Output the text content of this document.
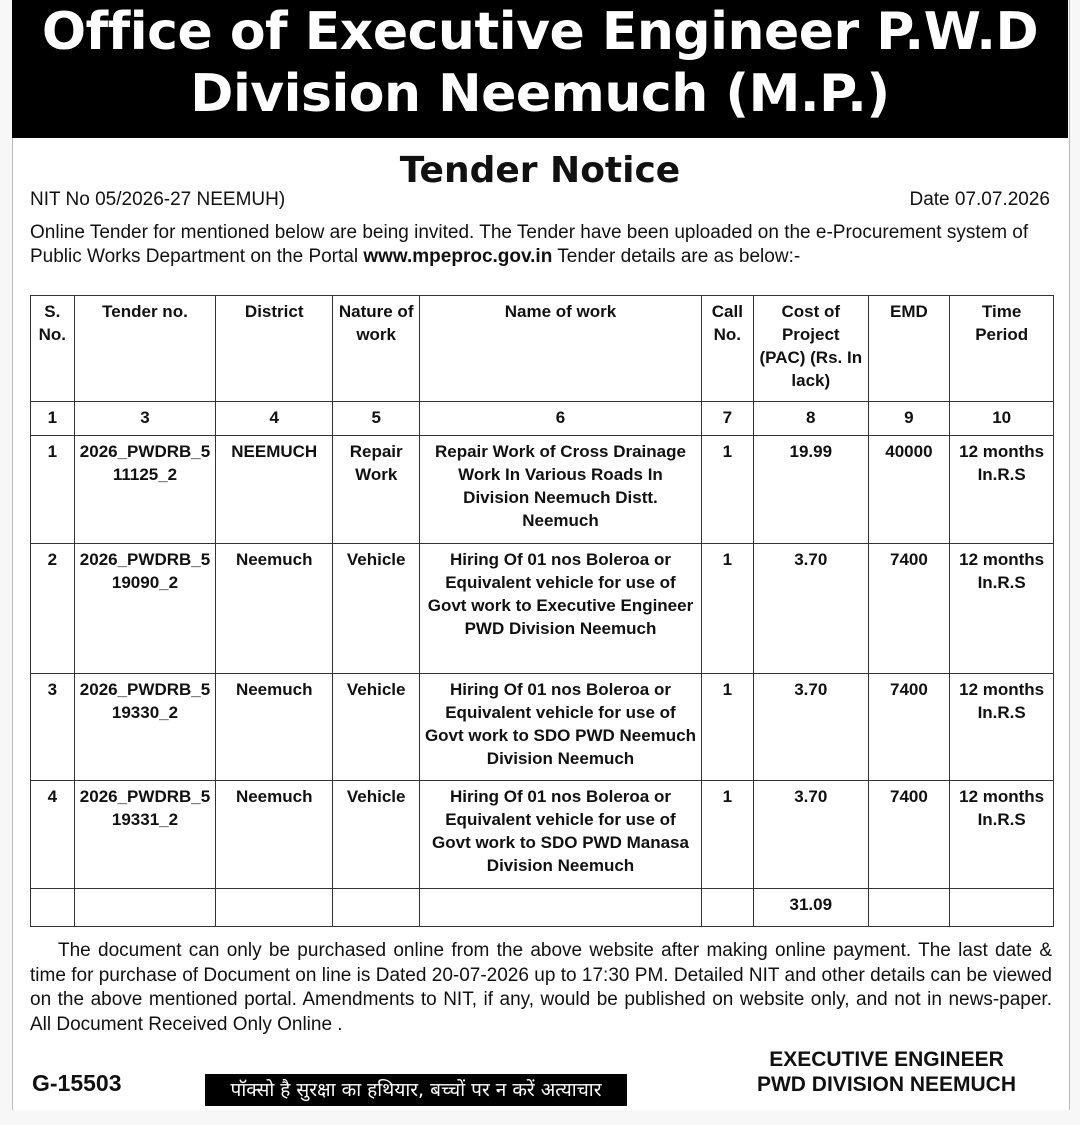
Office of Executive Engineer P.W.D
Division Neemuch (M.P.)
Tender Notice
NIT No 05/2026-27 NEEMUH)	Date 07.07.2026
Online Tender for mentioned below are being invited. The Tender have been uploaded on the e-Procurement system of Public Works Department on the Portal www.mpeproc.gov.in Tender details are as below:-
S. No.	Tender no.	District	Nature of work	Name of work	Call No.	Cost of Project (PAC) (Rs. In lack)	EMD	Time Period
1	3	4	5	6	7	8	9	10
1	2026_PWDRB_511125_2	NEEMUCH	Repair Work	Repair Work of Cross Drainage Work In Various Roads In Division Neemuch Distt. Neemuch	1	19.99	40000	12 months In.R.S
2	2026_PWDRB_519090_2	Neemuch	Vehicle	Hiring Of 01 nos Boleroa or Equivalent vehicle for use of Govt work to Executive Engineer PWD Division Neemuch	1	3.70	7400	12 months In.R.S
3	2026_PWDRB_519330_2	Neemuch	Vehicle	Hiring Of 01 nos Boleroa or Equivalent vehicle for use of Govt work to SDO PWD Neemuch Division Neemuch	1	3.70	7400	12 months In.R.S
4	2026_PWDRB_519331_2	Neemuch	Vehicle	Hiring Of 01 nos Boleroa or Equivalent vehicle for use of Govt work to SDO PWD Manasa Division Neemuch	1	3.70	7400	12 months In.R.S
						31.09		
The document can only be purchased online from the above website after making online payment. The last date & time for purchase of Document on line is Dated 20-07-2026 up to 17:30 PM. Detailed NIT and other details can be viewed on the above mentioned portal. Amendments to NIT, if any, would be published on website only, and not in news-paper. All Document Received Only Online .
G-15503	पॉक्सो है सुरक्षा का हथियार, बच्चों पर न करें अत्याचार
EXECUTIVE ENGINEER
PWD DIVISION NEEMUCH
